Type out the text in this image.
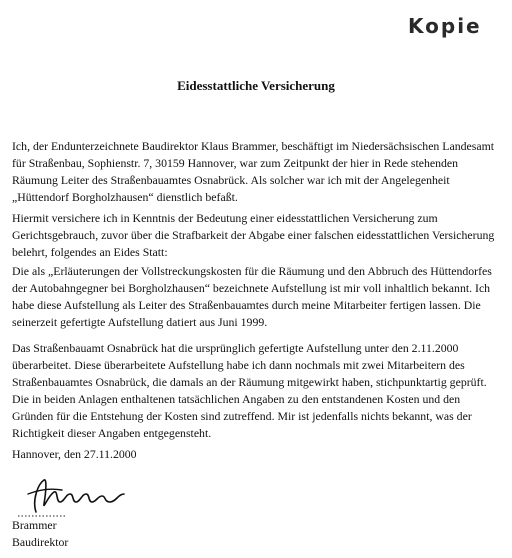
Kopie
Eidesstattliche Versicherung

Ich, der Endunterzeichnete Baudirektor Klaus Brammer, beschäftigt im Niedersächsischen Landesamt für Straßenbau, Sophienstr. 7, 30159 Hannover, war zum Zeitpunkt der hier in Rede stehenden Räumung Leiter des Straßenbauamtes Osnabrück. Als solcher war ich mit der Angelegenheit „Hüttendorf Borgholzhausen“ dienstlich befaßt.

Hiermit versichere ich in Kenntnis der Bedeutung einer eidesstattlichen Versicherung zum Gerichtsgebrauch, zuvor über die Strafbarkeit der Abgabe einer falschen eidesstattlichen Versicherung belehrt, folgendes an Eides Statt:

Die als „Erläuterungen der Vollstreckungskosten für die Räumung und den Abbruch des Hüttendorfes der Autobahngegner bei Borgholzhausen“ bezeichnete Aufstellung ist mir voll inhaltlich bekannt. Ich habe diese Aufstellung als Leiter des Straßenbauamtes durch meine Mitarbeiter fertigen lassen. Die seinerzeit gefertigte Aufstellung datiert aus Juni 1999.

Das Straßenbauamt Osnabrück hat die ursprünglich gefertigte Aufstellung unter den 2.11.2000 überarbeitet. Diese überarbeitete Aufstellung habe ich dann nochmals mit zwei Mitarbeitern des Straßenbauamtes Osnabrück, die damals an der Räumung mitgewirkt haben, stichpunktartig geprüft. Die in beiden Anlagen enthaltenen tatsächlichen Angaben zu den entstandenen Kosten und den Gründen für die Entstehung der Kosten sind zutreffend. Mir ist jedenfalls nichts bekannt, was der Richtigkeit dieser Angaben entgegensteht.

Hannover, den 27.11.2000
Brammer
Baudirektor
